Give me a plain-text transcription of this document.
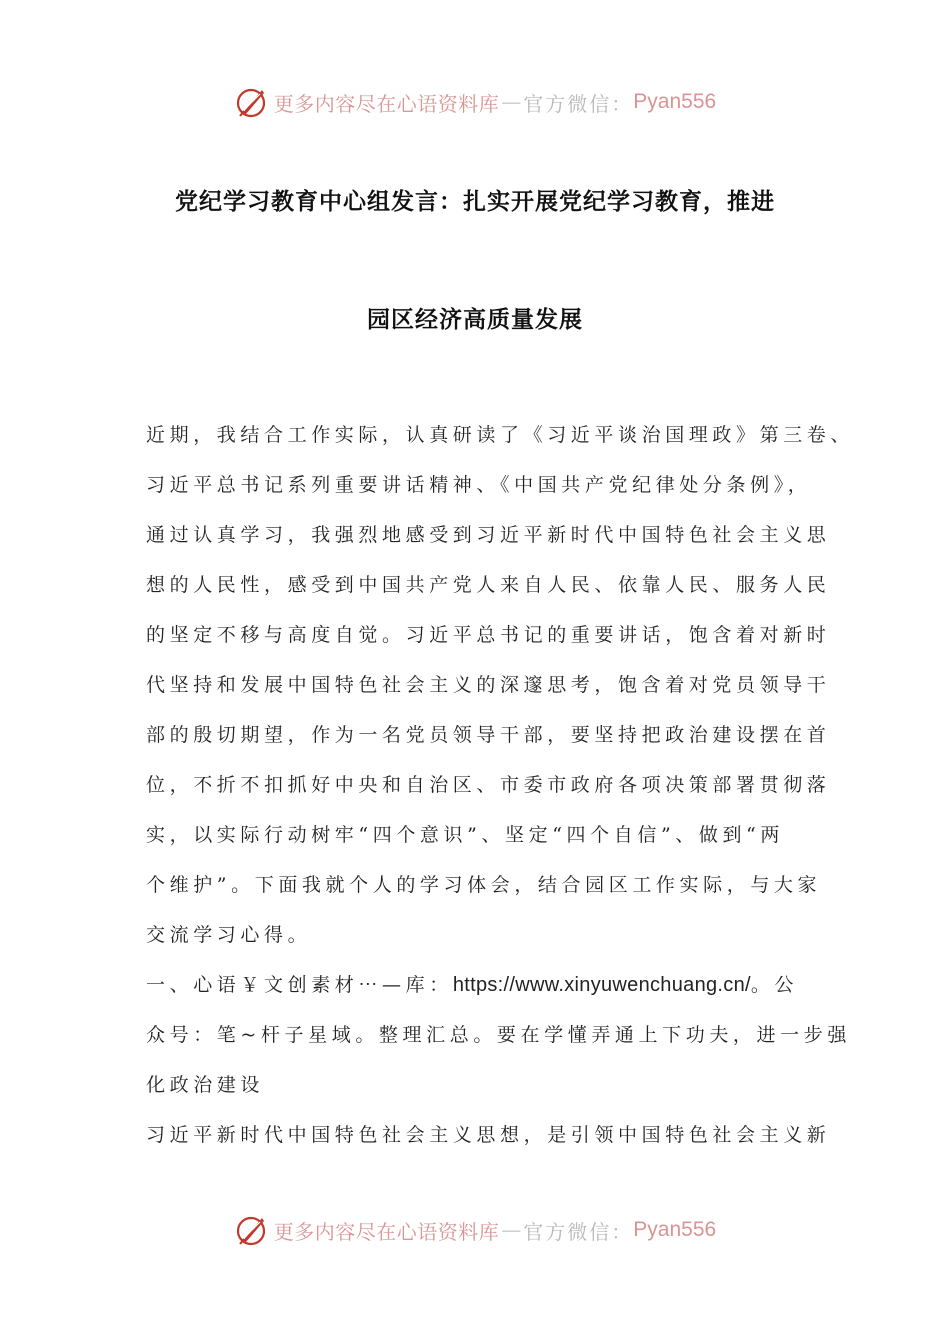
更多内容尽在心语资料库 — 官方微信： Pyan556
党纪学习教育中心组发言：扎实开展党纪学习教育，推进
园区经济高质量发展
近期，我结合工作实际，认真研读了《习近平谈治国理政》第三卷、
习近平总书记系列重要讲话精神、《中国共产党纪律处分条例》，
通过认真学习，我强烈地感受到习近平新时代中国特色社会主义思
想的人民性，感受到中国共产党人来自人民、依靠人民、服务人民
的坚定不移与高度自觉。习近平总书记的重要讲话，饱含着对新时
代坚持和发展中国特色社会主义的深邃思考，饱含着对党员领导干
部的殷切期望，作为一名党员领导干部，要坚持把政治建设摆在首
位，不折不扣抓好中央和自治区、市委市政府各项决策部署贯彻落
实，以实际行动树牢“四个意识”、坚定“四个自信”、做到“两
个维护”。下面我就个人的学习体会，结合园区工作实际，与大家
交流学习心得。
一、心语￥文创素材⋯—库：https://www.xinyuwenchuang.cn/。公
众号：笔~杆子星域。整理汇总。要在学懂弄通上下功夫，进一步强
化政治建设
习近平新时代中国特色社会主义思想，是引领中国特色社会主义新
更多内容尽在心语资料库 — 官方微信： Pyan556
